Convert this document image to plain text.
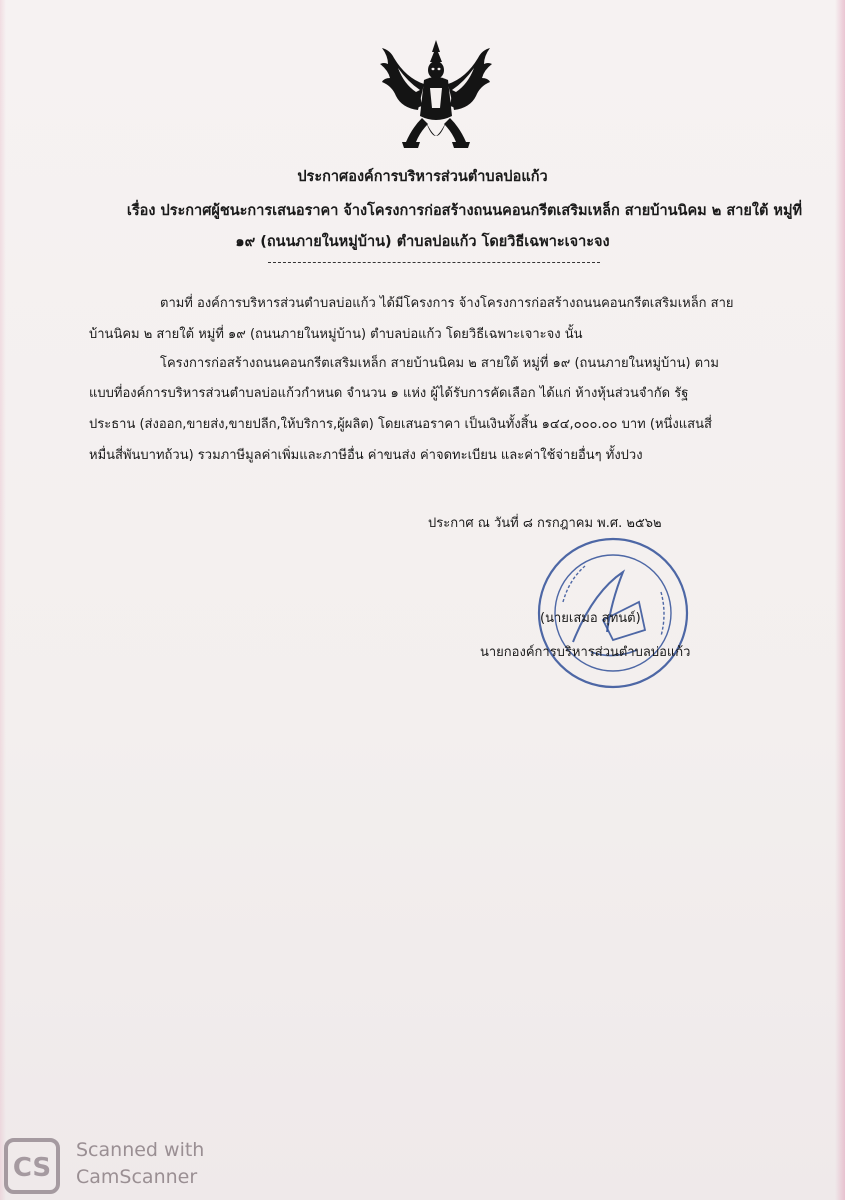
ประกาศองค์การบริหารส่วนตำบลบ่อแก้ว
เรื่อง ประกาศผู้ชนะการเสนอราคา จ้างโครงการก่อสร้างถนนคอนกรีตเสริมเหล็ก สายบ้านนิคม ๒ สายใต้ หมู่ที่
๑๙ (ถนนภายในหมู่บ้าน) ตำบลบ่อแก้ว โดยวิธีเฉพาะเจาะจง
ตามที่ องค์การบริหารส่วนตำบลบ่อแก้ว ได้มีโครงการ จ้างโครงการก่อสร้างถนนคอนกรีตเสริมเหล็ก สาย
บ้านนิคม ๒ สายใต้ หมู่ที่ ๑๙ (ถนนภายในหมู่บ้าน) ตำบลบ่อแก้ว โดยวิธีเฉพาะเจาะจง นั้น
โครงการก่อสร้างถนนคอนกรีตเสริมเหล็ก สายบ้านนิคม ๒ สายใต้ หมู่ที่ ๑๙ (ถนนภายในหมู่บ้าน) ตาม
แบบที่องค์การบริหารส่วนตำบลบ่อแก้วกำหนด จำนวน ๑ แห่ง ผู้ได้รับการคัดเลือก ได้แก่ ห้างหุ้นส่วนจำกัด รัฐ
ประธาน (ส่งออก,ขายส่ง,ขายปลีก,ให้บริการ,ผู้ผลิต) โดยเสนอราคา เป็นเงินทั้งสิ้น ๑๔๔,๐๐๐.๐๐ บาท (หนึ่งแสนสี่
หมื่นสี่พันบาทถ้วน) รวมภาษีมูลค่าเพิ่มและภาษีอื่น ค่าขนส่ง ค่าจดทะเบียน และค่าใช้จ่ายอื่นๆ ทั้งปวง
ประกาศ ณ วันที่ ๘ กรกฎาคม พ.ศ. ๒๕๖๒
(นายเสมอ สุทนต์)
นายกองค์การบริหารส่วนตำบลบ่อแก้ว
CS
Scanned with
CamScanner
